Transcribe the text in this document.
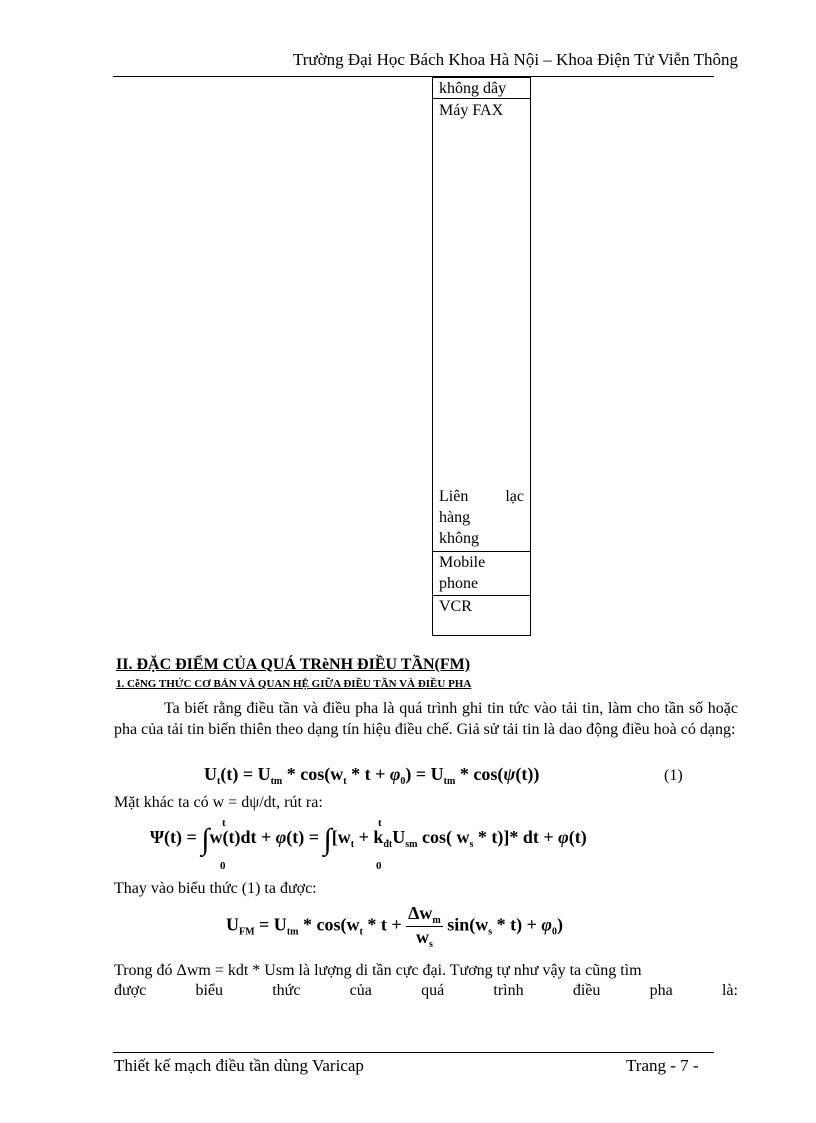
Trường Đại Học Bách Khoa Hà Nội – Khoa Điện Tử Viễn Thông
không dây
Máy FAX
Liên lạc
hàng không
Mobile phone
VCR
II. ĐẶC ĐIỂM CỦA QUÁ TRèNH ĐIỀU TẦN(FM)
1. CễNG THỨC CƠ BẢN VÀ QUAN HỆ GIỮA ĐIỀU TẦN VÀ ĐIỀU PHA
Ta biết rằng điều tần và điều pha là quá trình ghi tin tức vào tải tin, làm cho tần số hoặc pha của tải tin biến thiên theo dạng tín hiệu điều chế. Giả sử tải tin là dao động điều hoà có dạng:
$U_t(t) = U_{tm} * \cos(w_t * t + \varphi_0) = U_{tm} * \cos(\psi(t))$	(1)
Mặt khác ta có w = dψ/dt, rút ra:
$\Psi(t) = \int w(t)dt + \varphi(t) = \int[w_t + k_{đt}U_{sm}$ cos( $w_s * t)]*$ dt + φ(t)
t
0
t
0
Thay vào biểu thức (1) ta được:
$U_{FM} = U_{tm} * \cos(w_t * t + \frac{\Delta w_m}{w_s} \sin(w_s * t) + \varphi_0)$
Trong đó Δwm = kdt * Usm là lượng di tần cực đại. Tương tự như vậy ta cũng tìm
được	biểu	thức	của	quá	trình	điều	pha	là:
Thiết kế mạch điều tần dùng Varicap	Trang - 7 -
